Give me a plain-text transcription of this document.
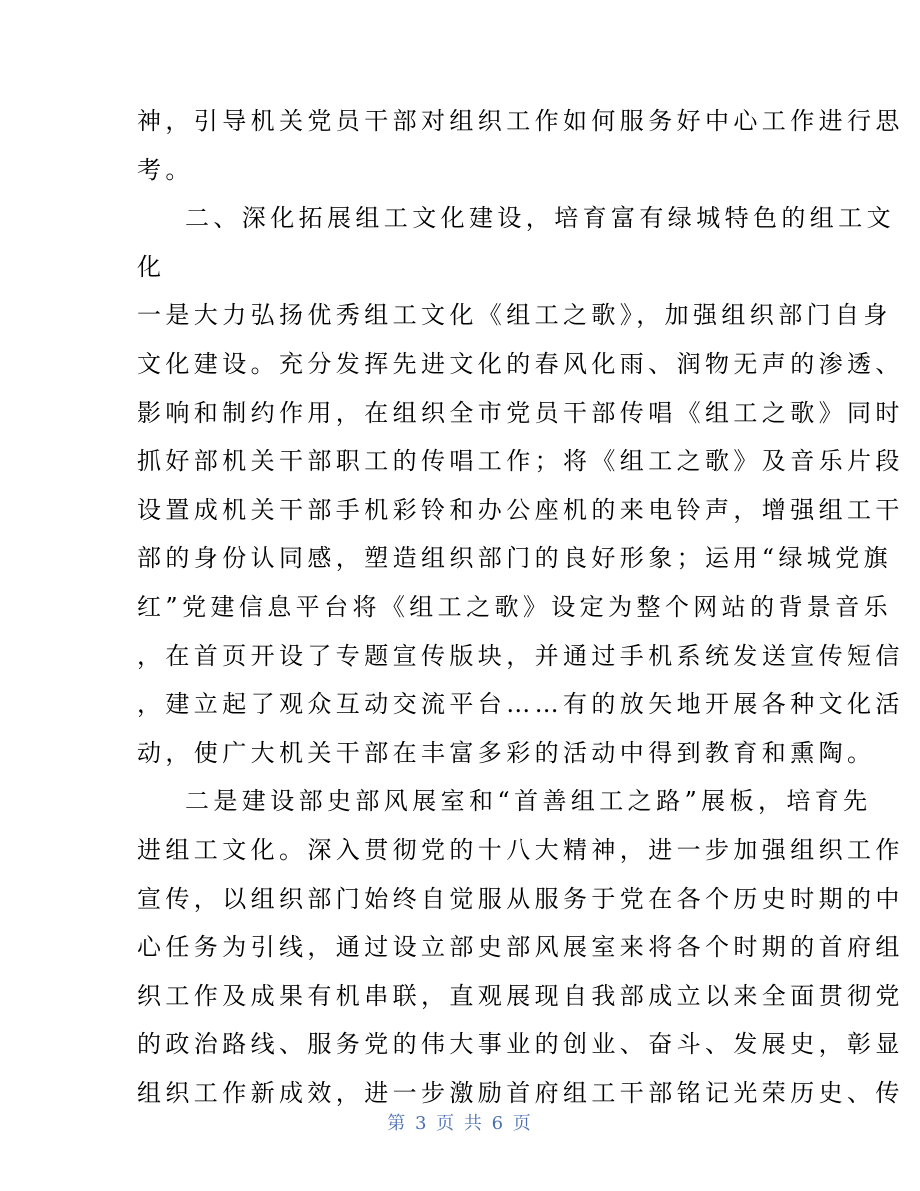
神，引导机关党员干部对组织工作如何服务好中心工作进行思
考。
二、深化拓展组工文化建设，培育富有绿城特色的组工文
化
一是大力弘扬优秀组工文化《组工之歌》，加强组织部门自身
文化建设。充分发挥先进文化的春风化雨、润物无声的渗透、
影响和制约作用，在组织全市党员干部传唱《组工之歌》同时
抓好部机关干部职工的传唱工作；将《组工之歌》及音乐片段
设置成机关干部手机彩铃和办公座机的来电铃声，增强组工干
部的身份认同感，塑造组织部门的良好形象；运用“绿城党旗
红”党建信息平台将《组工之歌》设定为整个网站的背景音乐
，在首页开设了专题宣传版块，并通过手机系统发送宣传短信
，建立起了观众互动交流平台……有的放矢地开展各种文化活
动，使广大机关干部在丰富多彩的活动中得到教育和熏陶。
二是建设部史部风展室和“首善组工之路”展板，培育先
进组工文化。深入贯彻党的十八大精神，进一步加强组织工作
宣传，以组织部门始终自觉服从服务于党在各个历史时期的中
心任务为引线，通过设立部史部风展室来将各个时期的首府组
织工作及成果有机串联，直观展现自我部成立以来全面贯彻党
的政治路线、服务党的伟大事业的创业、奋斗、发展史，彰显
组织工作新成效，进一步激励首府组工干部铭记光荣历史、传
第 3 页 共 6 页
